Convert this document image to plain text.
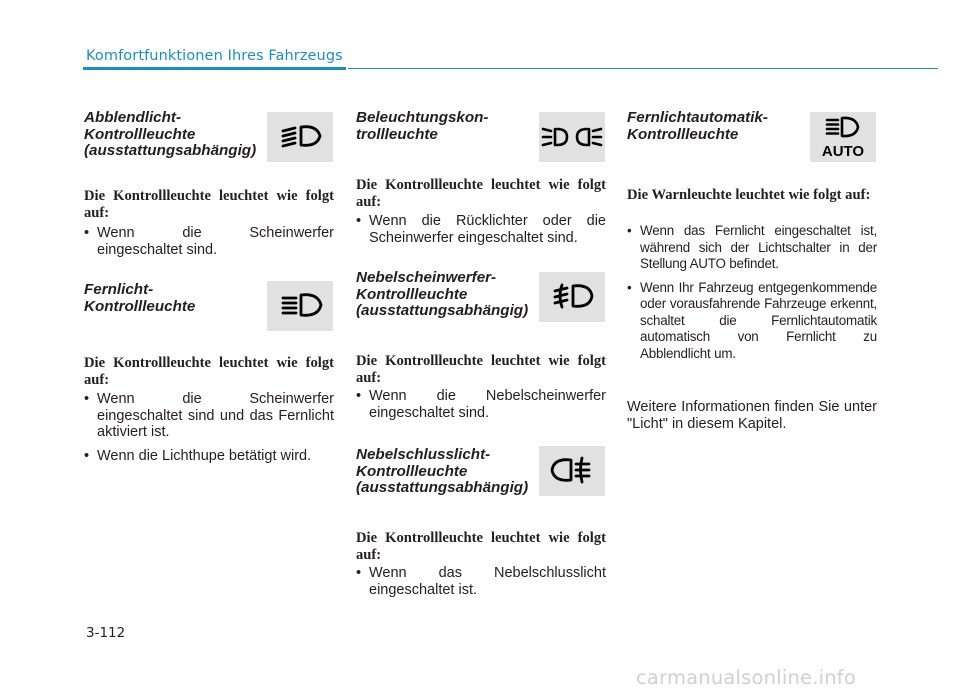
Komfortfunktionen Ihres Fahrzeugs
Abblendlicht-
Kontrollleuchte
(ausstattungsabhängig)
Die Kontrollleuchte leuchtet wie folgt auf:
• Wenn die Scheinwerfer eingeschaltet sind.
Fernlicht-
Kontrollleuchte
Die Kontrollleuchte leuchtet wie folgt auf:
• Wenn die Scheinwerfer eingeschaltet sind und das Fernlicht aktiviert ist.
• Wenn die Lichthupe betätigt wird.
Beleuchtungskon-
trollleuchte
Die Kontrollleuchte leuchtet wie folgt auf:
• Wenn die Rücklichter oder die Scheinwerfer eingeschaltet sind.
Nebelscheinwerfer-
Kontrollleuchte
(ausstattungsabhängig)
Die Kontrollleuchte leuchtet wie folgt auf:
• Wenn die Nebelscheinwerfer eingeschaltet sind.
Nebelschlusslicht-
Kontrollleuchte
(ausstattungsabhängig)
Die Kontrollleuchte leuchtet wie folgt auf:
• Wenn das Nebelschlusslicht eingeschaltet ist.
Fernlichtautomatik-
Kontrollleuchte
AUTO
Die Warnleuchte leuchtet wie folgt auf:
• Wenn das Fernlicht eingeschaltet ist, während sich der Lichtschalter in der Stellung AUTO befindet.
• Wenn Ihr Fahrzeug entgegenkommende oder vorausfahrende Fahrzeuge erkennt, schaltet die Fernlichtautomatik automatisch von Fernlicht zu Abblendlicht um.
Weitere Informationen finden Sie unter "Licht" in diesem Kapitel.
3-112
carmanualsonline.info
